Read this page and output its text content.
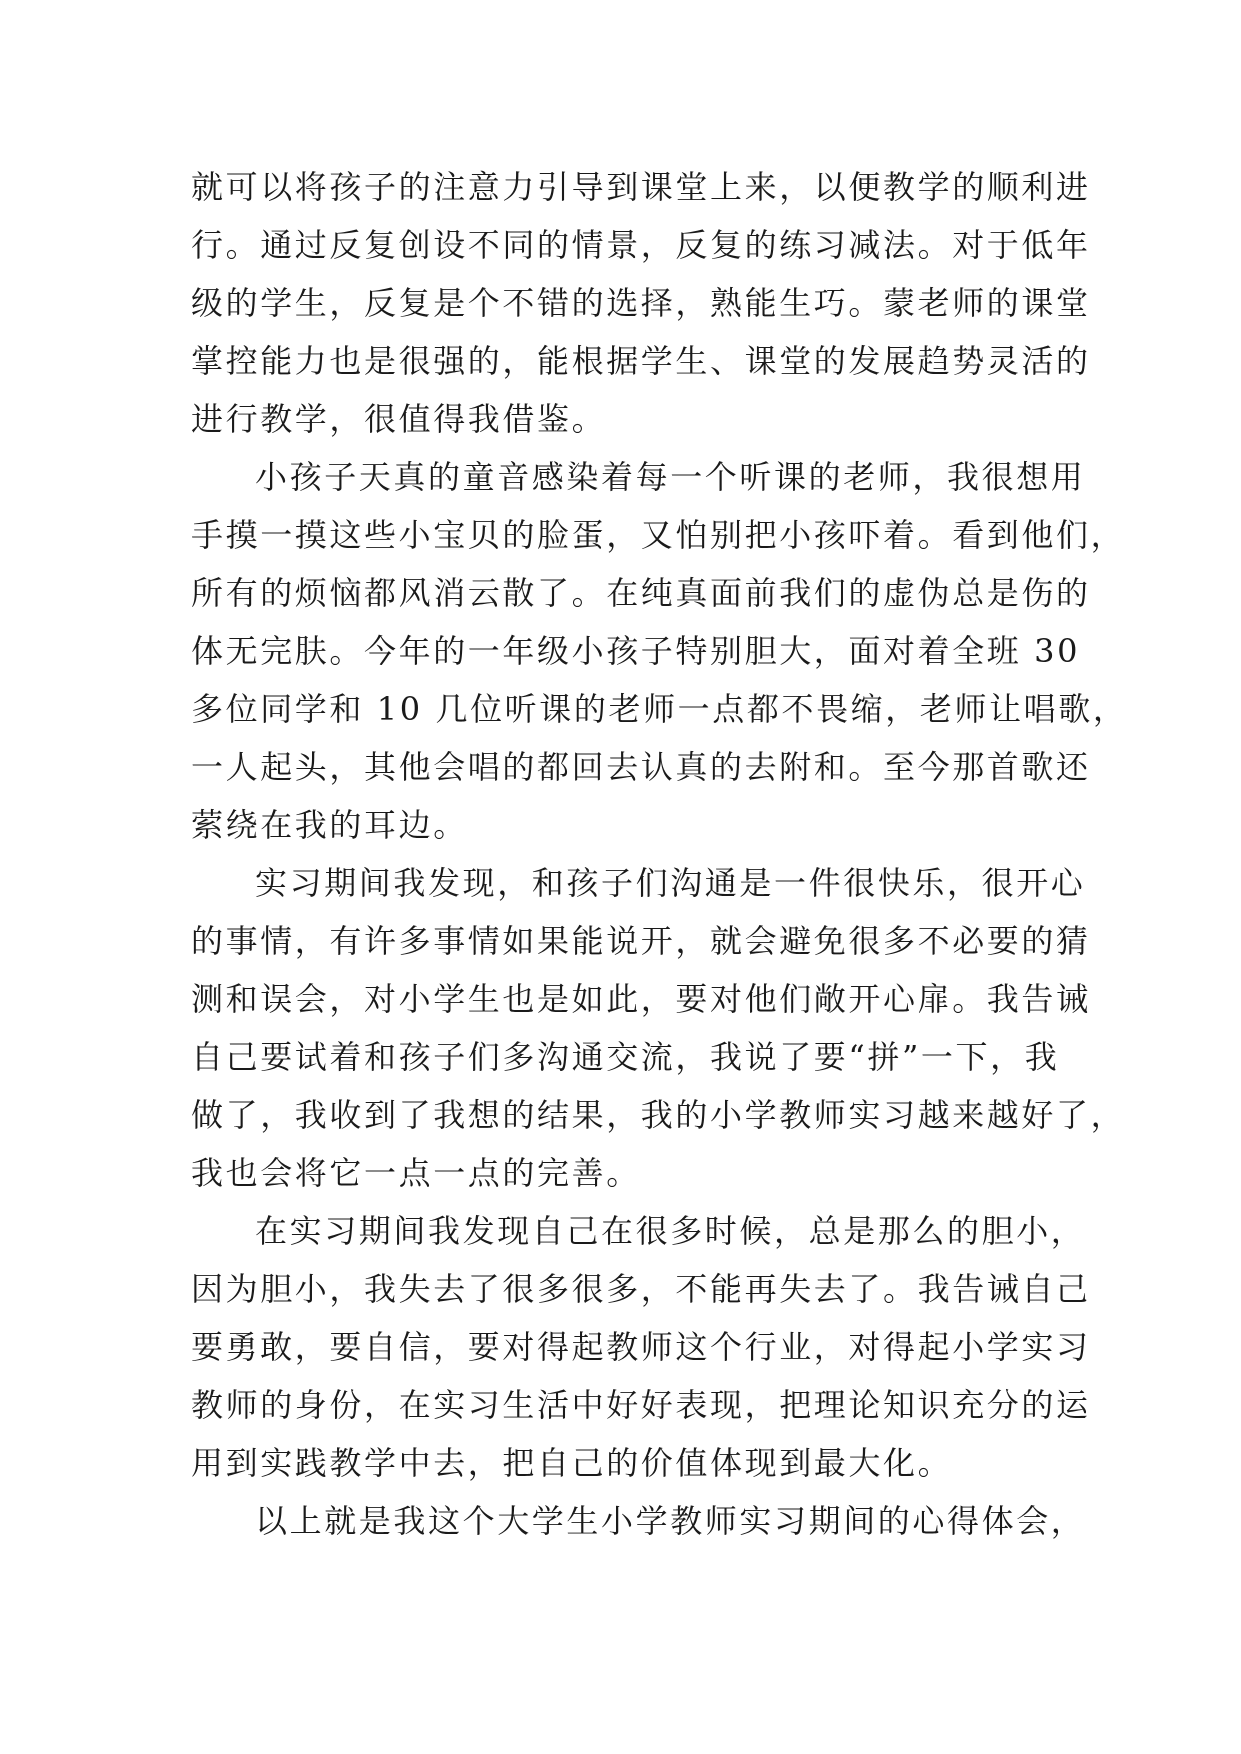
就可以将孩子的注意力引导到课堂上来，以便教学的顺利进
行。通过反复创设不同的情景，反复的练习减法。对于低年
级的学生，反复是个不错的选择，熟能生巧。蒙老师的课堂
掌控能力也是很强的，能根据学生、课堂的发展趋势灵活的
进行教学，很值得我借鉴。
小孩子天真的童音感染着每一个听课的老师，我很想用
手摸一摸这些小宝贝的脸蛋，又怕别把小孩吓着。看到他们，
所有的烦恼都风消云散了。在纯真面前我们的虚伪总是伤的
体无完肤。今年的一年级小孩子特别胆大，面对着全班 30
多位同学和 10 几位听课的老师一点都不畏缩，老师让唱歌，
一人起头，其他会唱的都回去认真的去附和。至今那首歌还
萦绕在我的耳边。
实习期间我发现，和孩子们沟通是一件很快乐，很开心
的事情，有许多事情如果能说开，就会避免很多不必要的猜
测和误会，对小学生也是如此，要对他们敞开心扉。我告诫
自己要试着和孩子们多沟通交流，我说了要“拼”一下，我
做了，我收到了我想的结果，我的小学教师实习越来越好了，
我也会将它一点一点的完善。
在实习期间我发现自己在很多时候，总是那么的胆小，
因为胆小，我失去了很多很多，不能再失去了。我告诫自己
要勇敢，要自信，要对得起教师这个行业，对得起小学实习
教师的身份，在实习生活中好好表现，把理论知识充分的运
用到实践教学中去，把自己的价值体现到最大化。
以上就是我这个大学生小学教师实习期间的心得体会，
